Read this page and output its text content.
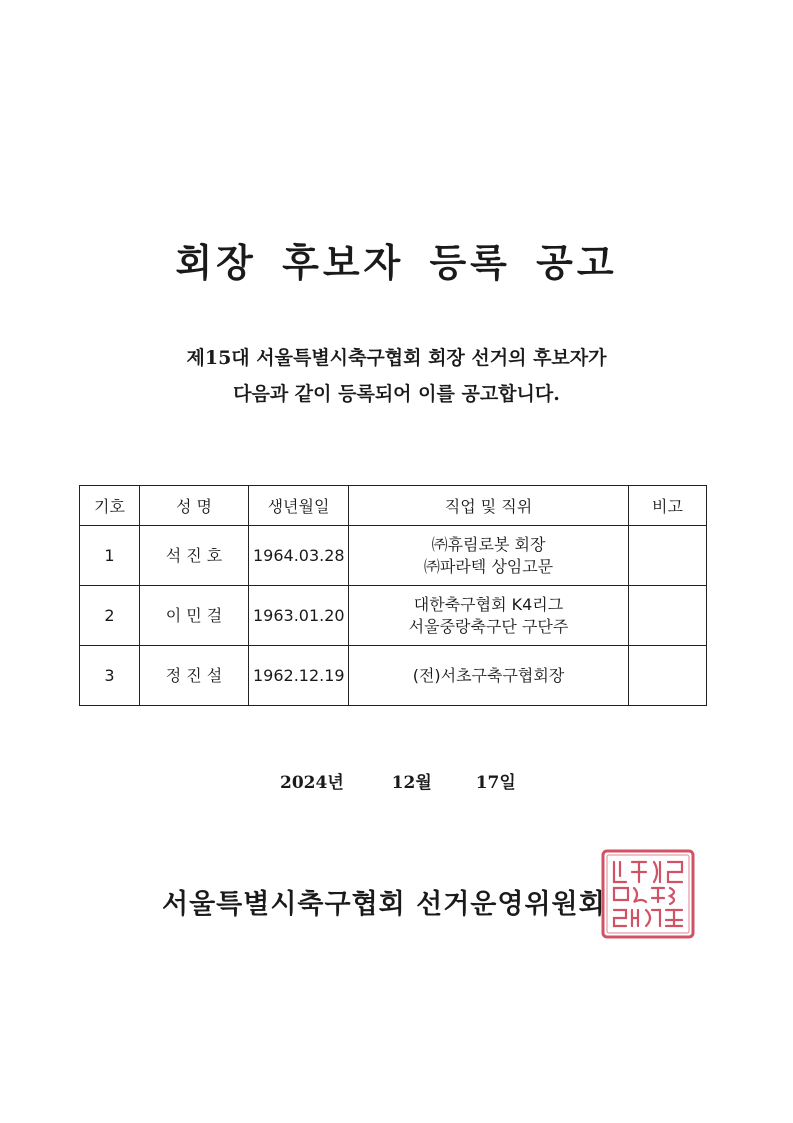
회장 후보자 등록 공고
제15대 서울특별시축구협회 회장 선거의 후보자가
다음과 같이 등록되어 이를 공고합니다.
기호	성 명	생년월일	직업 및 직위	비고
1	석 진 호	1964.03.28	㈜휴림로봇 회장
㈜파라텍 상임고문	

2	이 민 걸	1963.01.20	대한축구협회 K4리그
서울중랑축구단 구단주	

3	정 진 설	1962.12.19	(전)서초구축구협회장	

2024년	12월	17일
서울특별시축구협회 선거운영위원회
